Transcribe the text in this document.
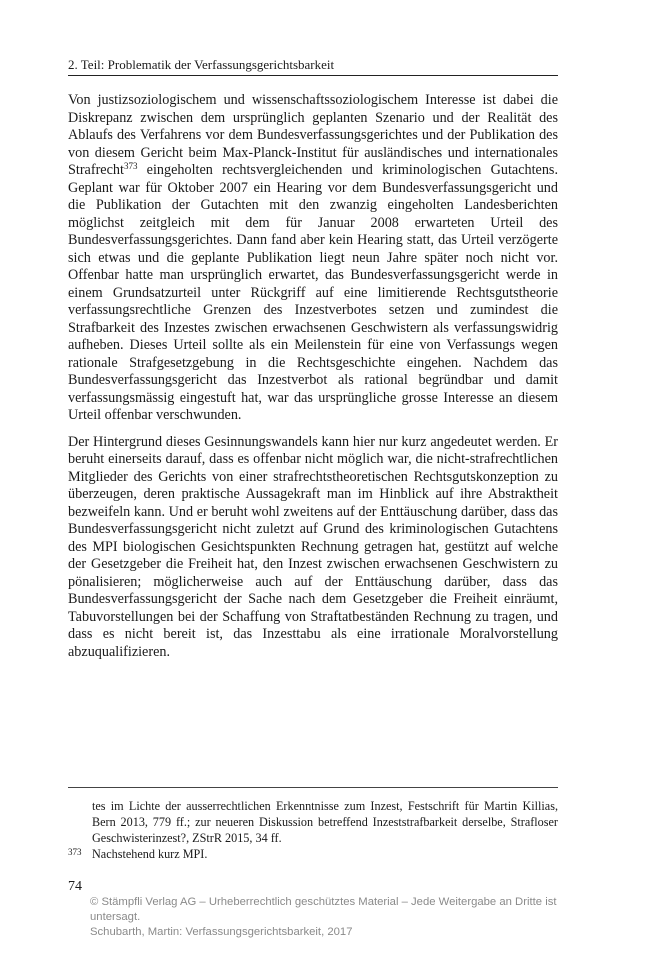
2. Teil: Problematik der Verfassungsgerichtsbarkeit

Von justizsoziologischem und wissenschaftssoziologischem Interesse ist dabei die Diskrepanz zwischen dem ursprünglich geplanten Szenario und der Realität des Ablaufs des Verfahrens vor dem Bundesverfassungsgerichtes und der Publikation des von diesem Gericht beim Max-Planck-Institut für ausländisches und internationales Strafrecht$^{373}$ eingeholten rechtsvergleichenden und kriminologischen Gutachtens. Geplant war für Oktober 2007 ein Hearing vor dem Bundesverfassungsgericht und die Publikation der Gutachten mit den zwanzig eingeholten Landesberichten möglichst zeitgleich mit dem für Januar 2008 erwarteten Urteil des Bundesverfassungsgerichtes. Dann fand aber kein Hearing statt, das Urteil verzögerte sich etwas und die geplante Publikation liegt neun Jahre später noch nicht vor. Offenbar hatte man ursprünglich erwartet, das Bundesverfassungsgericht werde in einem Grundsatzurteil unter Rückgriff auf eine limitierende Rechtsgutstheorie verfassungsrechtliche Grenzen des Inzestverbotes setzen und zumindest die Strafbarkeit des Inzestes zwischen erwachsenen Geschwistern als verfassungswidrig aufheben. Dieses Urteil sollte als ein Meilenstein für eine von Verfassungs wegen rationale Strafgesetzgebung in die Rechtsgeschichte eingehen. Nachdem das Bundesverfassungsgericht das Inzestverbot als rational begründbar und damit verfassungsmässig eingestuft hat, war das ursprüngliche grosse Interesse an diesem Urteil offenbar verschwunden.

Der Hintergrund dieses Gesinnungswandels kann hier nur kurz angedeutet werden. Er beruht einerseits darauf, dass es offenbar nicht möglich war, die nicht-strafrechtlichen Mitglieder des Gerichts von einer strafrechtstheoretischen Rechtsgutskonzeption zu überzeugen, deren praktische Aussagekraft man im Hinblick auf ihre Abstraktheit bezweifeln kann. Und er beruht wohl zweitens auf der Enttäuschung darüber, dass das Bundesverfassungsgericht nicht zuletzt auf Grund des kriminologischen Gutachtens des MPI biologischen Gesichtspunkten Rechnung getragen hat, gestützt auf welche der Gesetzgeber die Freiheit hat, den Inzest zwischen erwachsenen Geschwistern zu pönalisieren; möglicherweise auch auf der Enttäuschung darüber, dass das Bundesverfassungsgericht der Sache nach dem Gesetzgeber die Freiheit einräumt, Tabuvorstellungen bei der Schaffung von Straftatbeständen Rechnung zu tragen, und dass es nicht bereit ist, das Inzesttabu als eine irrationale Moralvorstellung abzuqualifizieren.

tes im Lichte der ausserrechtlichen Erkenntnisse zum Inzest, Festschrift für Martin Killias, Bern 2013, 779 ff.; zur neueren Diskussion betreffend Inzeststrafbarkeit derselbe, Strafloser Geschwisterinzest?, ZStrR 2015, 34 ff.
373 Nachstehend kurz MPI.
74
© Stämpfli Verlag AG – Urheberrechtlich geschütztes Material – Jede Weitergabe an Dritte ist untersagt.
Schubarth, Martin: Verfassungsgerichtsbarkeit, 2017
